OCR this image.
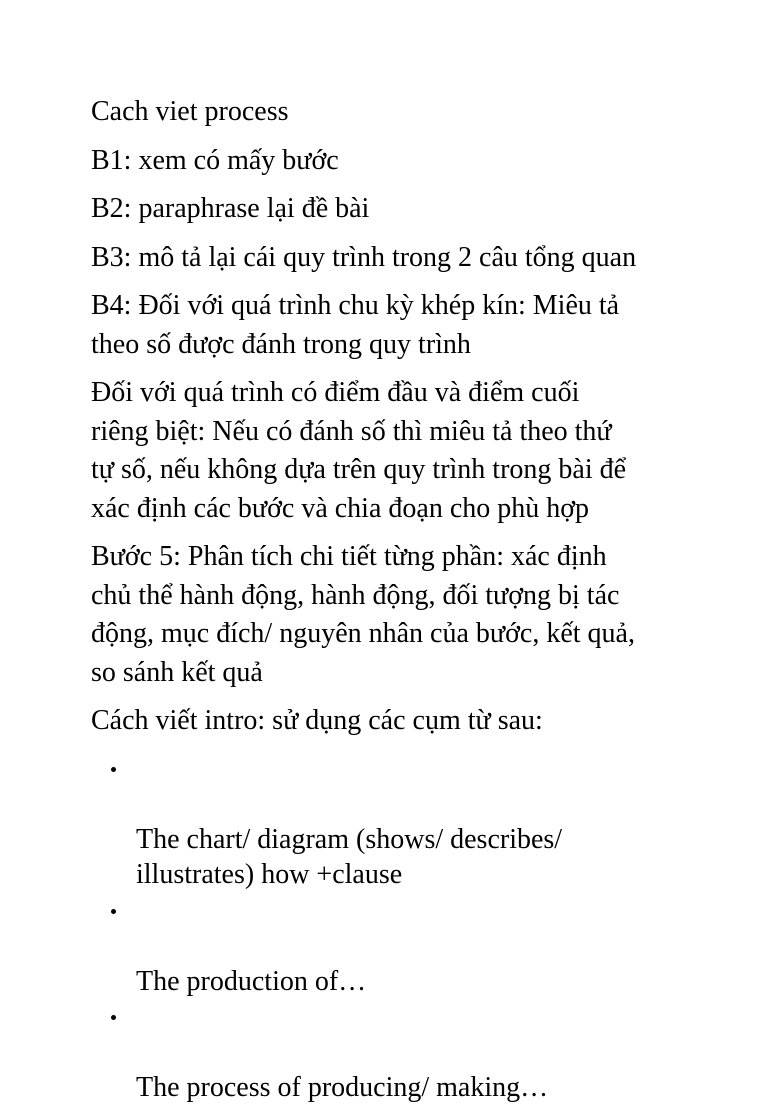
Cach viet process

B1: xem có mấy bước

B2: paraphrase lại đề bài

B3: mô tả lại cái quy trình trong 2 câu tổng quan

B4: Đối với quá trình chu kỳ khép kín: Miêu tả
theo số được đánh trong quy trình

Đối với quá trình có điểm đầu và điểm cuối
riêng biệt: Nếu có đánh số thì miêu tả theo thứ
tự số, nếu không dựa trên quy trình trong bài để
xác định các bước và chia đoạn cho phù hợp

Bước 5: Phân tích chi tiết từng phần: xác định
chủ thể hành động, hành động, đối tượng bị tác
động, mục đích/ nguyên nhân của bước, kết quả,
so sánh kết quả

Cách viết intro: sử dụng các cụm từ sau:

The chart/ diagram (shows/ describes/
illustrates) how +clause

The production of…

The process of producing/ making…
